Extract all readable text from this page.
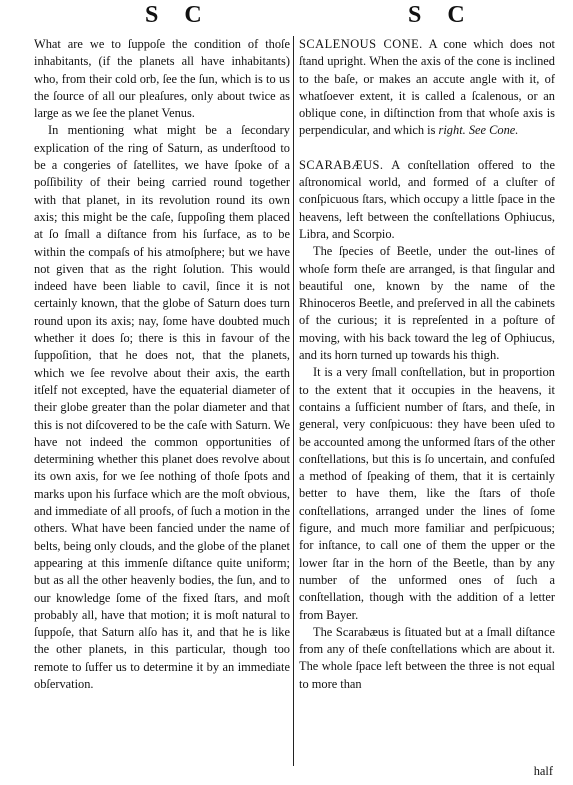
S C	S C

What are we to ſuppoſe the condition of thoſe inhabitants, (if the planets all have inhabitants) who, from their cold orb, ſee the ſun, which is to us the ſource of all our pleaſures, only about twice as large as we ſee the planet Venus.

In mentioning what might be a ſecondary explication of the ring of Saturn, as underſtood to be a congeries of ſatellites, we have ſpoke of a poſſibility of their being carried round together with that planet, in its revolution round its own axis; this might be the caſe, ſuppoſing them placed at ſo ſmall a diſtance from his ſurface, as to be within the compaſs of his atmoſphere; but we have not given that as the right ſolution. This would indeed have been liable to cavil, ſince it is not certainly known, that the globe of Saturn does turn round upon its axis; nay, ſome have doubted much whether it does ſo; there is this in favour of the ſuppoſition, that he does not, that the planets, which we ſee revolve about their axis, the earth itſelf not excepted, have the equaterial diameter of their globe greater than the polar diameter and that this is not diſcovered to be the caſe with Saturn. We have not indeed the common opportunities of determining whether this planet does revolve about its own axis, for we ſee nothing of thoſe ſpots and marks upon his ſurface which are the moſt obvious, and immediate of all proofs, of ſuch a motion in the others. What have been fancied under the name of belts, being only clouds, and the globe of the planet appearing at this immenſe diſtance quite uniform; but as all the other heavenly bodies, the ſun, and to our knowledge ſome of the fixed ſtars, and moſt probably all, have that motion; it is moſt natural to ſuppoſe, that Saturn alſo has it, and that he is like the other planets, in this particular, though too remote to ſuffer us to determine it by an immediate obſervation.

SCALENOUS CONE. A cone which does not ſtand upright. When the axis of the cone is inclined to the baſe, or makes an accute angle with it, of whatſoever extent, it is called a ſcalenous, or an oblique cone, in diſtinction from that whoſe axis is perpendicular, and which is right. See Cone.

SCARABÆUS. A conſtellation offered to the aſtronomical world, and formed of a cluſter of conſpicuous ſtars, which occupy a little ſpace in the heavens, left between the conſtellations Ophiucus, Libra, and Scorpio.

The ſpecies of Beetle, under the out-lines of whoſe form theſe are arranged, is that ſingular and beautiful one, known by the name of the Rhinoceros Beetle, and preſerved in all the cabinets of the curious; it is repreſented in a poſture of moving, with his back toward the leg of Ophiucus, and its horn turned up towards his thigh.

It is a very ſmall conſtellation, but in proportion to the extent that it occupies in the heavens, it contains a ſufficient number of ſtars, and theſe, in general, very conſpicuous: they have been uſed to be accounted among the unformed ſtars of the other conſtellations, but this is ſo uncertain, and confuſed a method of ſpeaking of them, that it is certainly better to have them, like the ſtars of thoſe conſtellations, arranged under the lines of ſome figure, and much more familiar and perſpicuous; for inſtance, to call one of them the upper or the lower ſtar in the horn of the Beetle, than by any number of the unformed ones of ſuch a conſtellation, though with the addition of a letter from Bayer.

The Scarabæus is ſituated but at a ſmall diſtance from any of theſe conſtellations which are about it. The whole ſpace left between the three is not equal to more than

half
